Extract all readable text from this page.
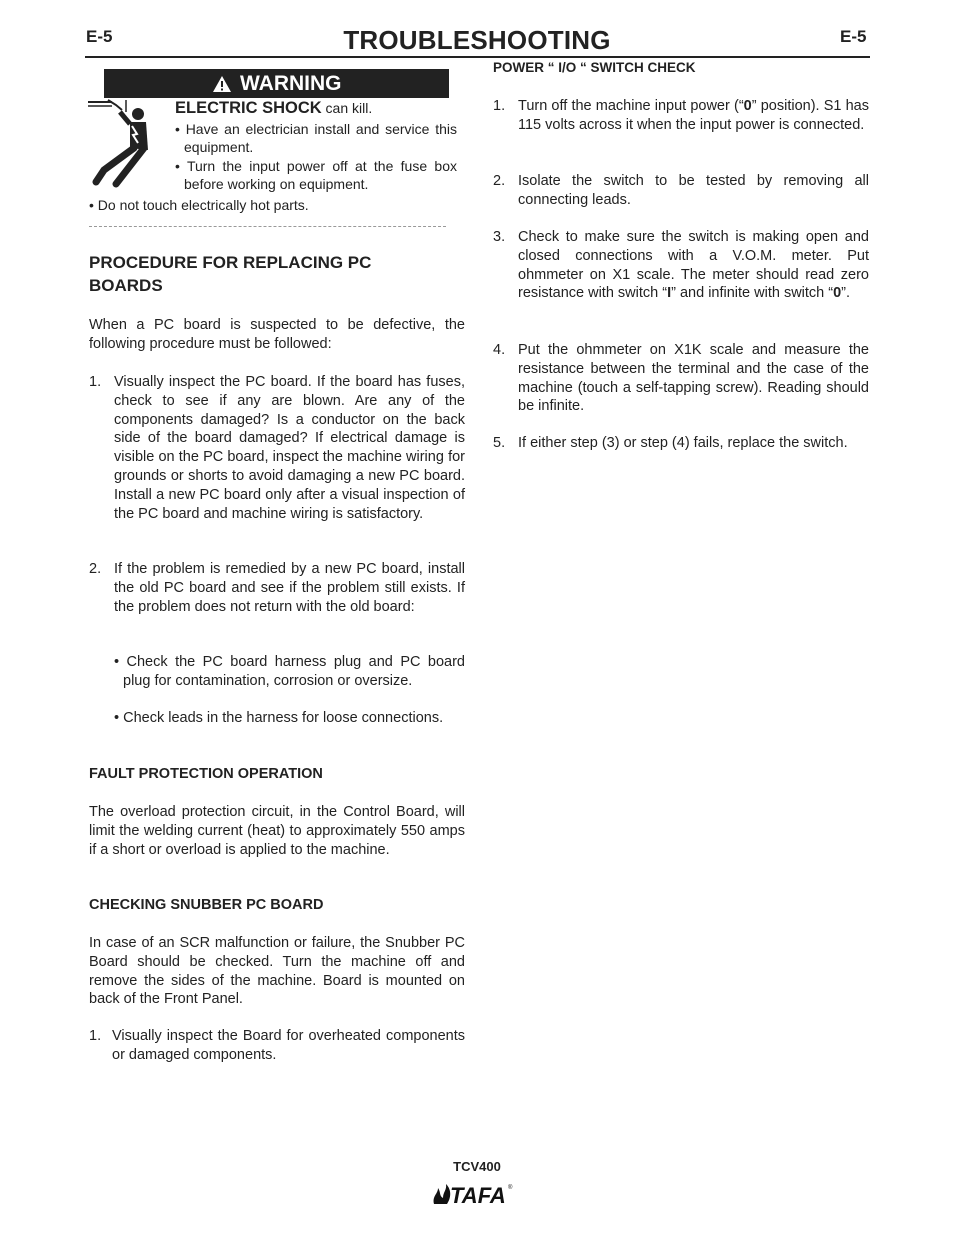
E-5	TROUBLESHOOTING	E-5
WARNING
ELECTRIC SHOCK can kill.

• Have an electrician install and service this equipment.

• Turn the input power off at the fuse box before working on equipment.

• Do not touch electrically hot parts.
PROCEDURE FOR REPLACING PC BOARDS
When a PC board is suspected to be defective, the following procedure must be followed:
1. Visually inspect the PC board. If the board has fuses, check to see if any are blown. Are any of the components damaged? Is a conductor on the back side of the board damaged? If electrical damage is visible on the PC board, inspect the machine wiring for grounds or shorts to avoid damaging a new PC board. Install a new PC board only after a visual inspection of the PC board and machine wiring is satisfactory.
2. If the problem is remedied by a new PC board, install the old PC board and see if the problem still exists. If the problem does not return with the old board:

• Check the PC board harness plug and PC board plug for contamination, corrosion or oversize.

• Check leads in the harness for loose connections.

FAULT PROTECTION OPERATION
The overload protection circuit, in the Control Board, will limit the welding current (heat) to approximately 550 amps if a short or overload is applied to the machine.
CHECKING SNUBBER PC BOARD
In case of an SCR malfunction or failure, the Snubber PC Board should be checked. Turn the machine off and remove the sides of the machine. Board is mounted on back of the Front Panel.
1. Visually inspect the Board for overheated components or damaged components.
POWER “ I/O “ SWITCH CHECK
1. Turn off the machine input power (“0” position). S1 has 115 volts across it when the input power is connected.
2. Isolate the switch to be tested by removing all connecting leads.
3. Check to make sure the switch is making open and closed connections with a V.O.M. meter. Put ohmmeter on X1 scale. The meter should read zero resistance with switch “I” and infinite with switch “0”.
4. Put the ohmmeter on X1K scale and measure the resistance between the terminal and the case of the machine (touch a self-tapping screw). Reading should be infinite.
5. If either step (3) or step (4) fails, replace the switch.
TCV400
TAFA ®
